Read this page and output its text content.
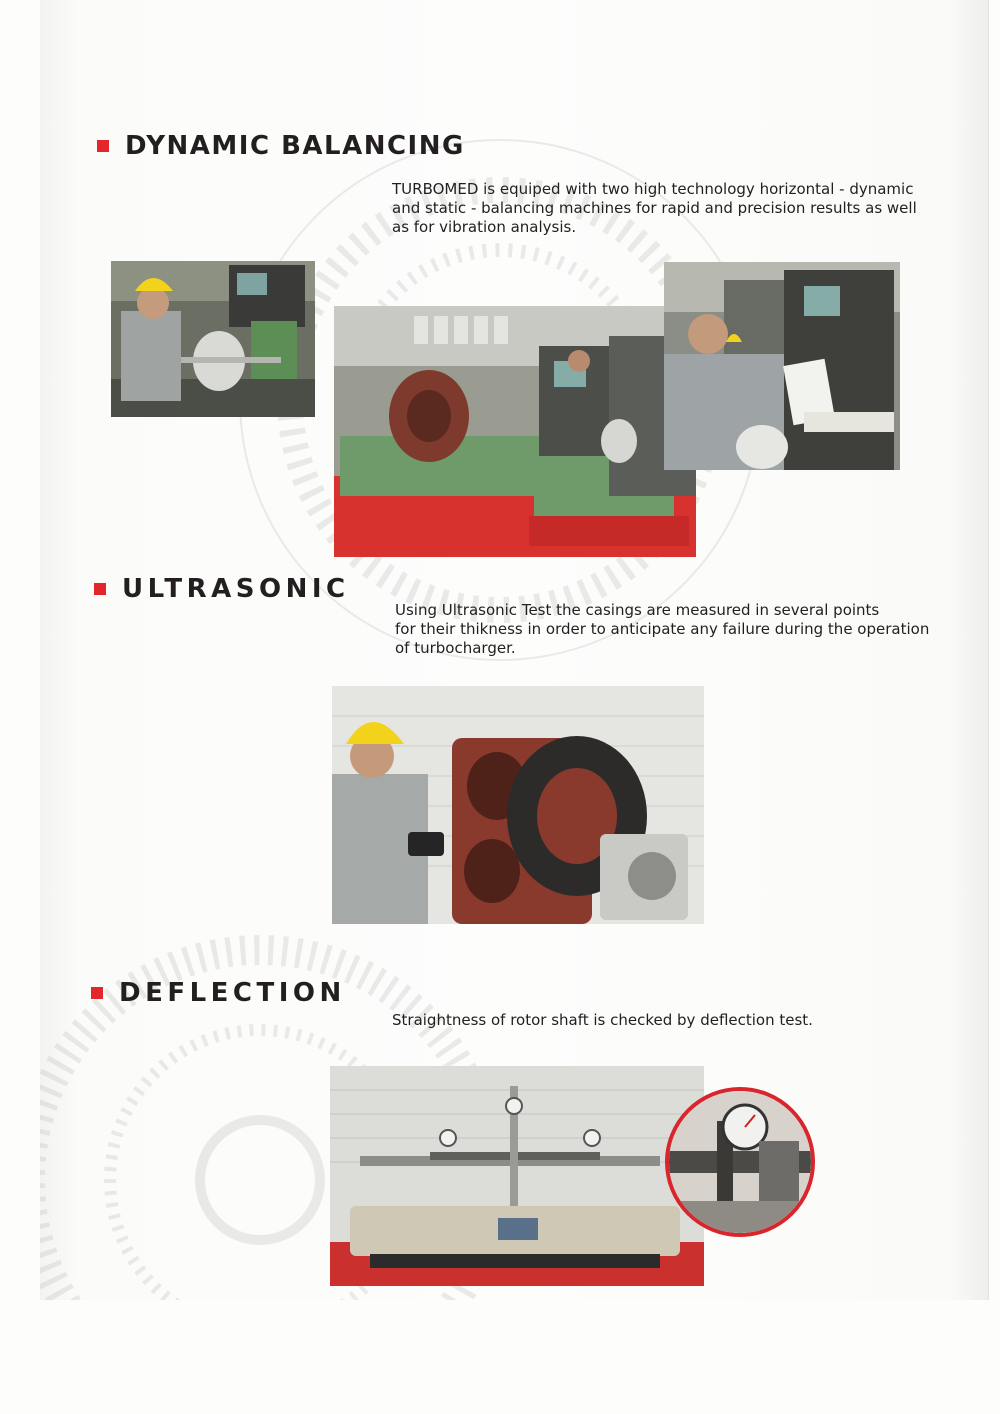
DYNAMIC BALANCING

TURBOMED is equiped with two high technology horizontal - dynamic
and static - balancing machines for rapid and precision results as well
as for vibration analysis.

ULTRASONIC

Using Ultrasonic Test the casings are measured in several points
for their thikness in order to anticipate any failure during the operation
of turbocharger.

DEFLECTION

Straightness of rotor shaft is checked by deflection test.
